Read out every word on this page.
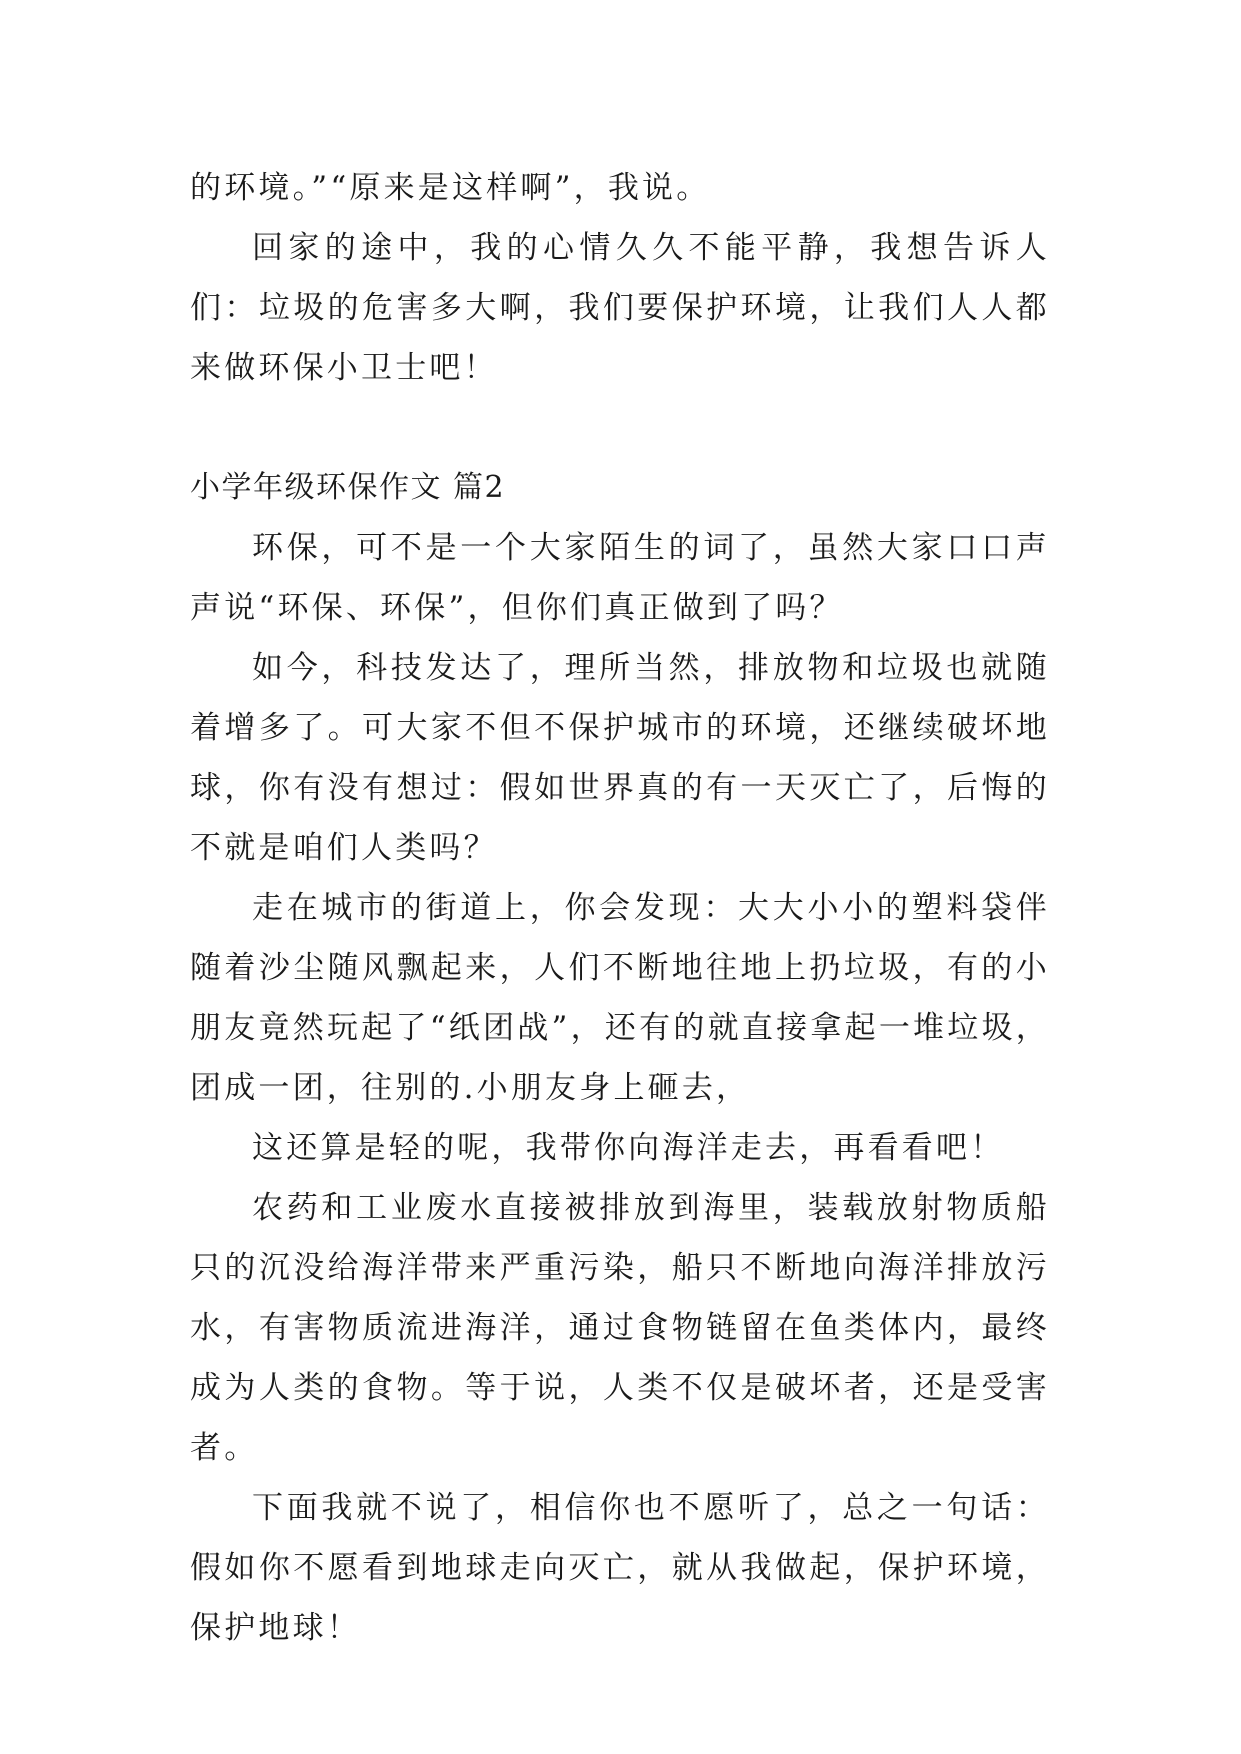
的环境。”“原来是这样啊”，我说。

回家的途中，我的心情久久不能平静，我想告诉人们：垃圾的危害多大啊，我们要保护环境，让我们人人都来做环保小卫士吧！

小学年级环保作文 篇2

环保，可不是一个大家陌生的词了，虽然大家口口声声说“环保、环保”，但你们真正做到了吗？

如今，科技发达了，理所当然，排放物和垃圾也就随着增多了。可大家不但不保护城市的环境，还继续破坏地球，你有没有想过：假如世界真的有一天灭亡了，后悔的不就是咱们人类吗？

走在城市的街道上，你会发现：大大小小的塑料袋伴随着沙尘随风飘起来，人们不断地往地上扔垃圾，有的小朋友竟然玩起了“纸团战”，还有的就直接拿起一堆垃圾，团成一团，往别的.小朋友身上砸去，

这还算是轻的呢，我带你向海洋走去，再看看吧！

农药和工业废水直接被排放到海里，装载放射物质船只的沉没给海洋带来严重污染，船只不断地向海洋排放污水，有害物质流进海洋，通过食物链留在鱼类体内，最终成为人类的食物。等于说，人类不仅是破坏者，还是受害者。

下面我就不说了，相信你也不愿听了，总之一句话：假如你不愿看到地球走向灭亡，就从我做起，保护环境，保护地球！
